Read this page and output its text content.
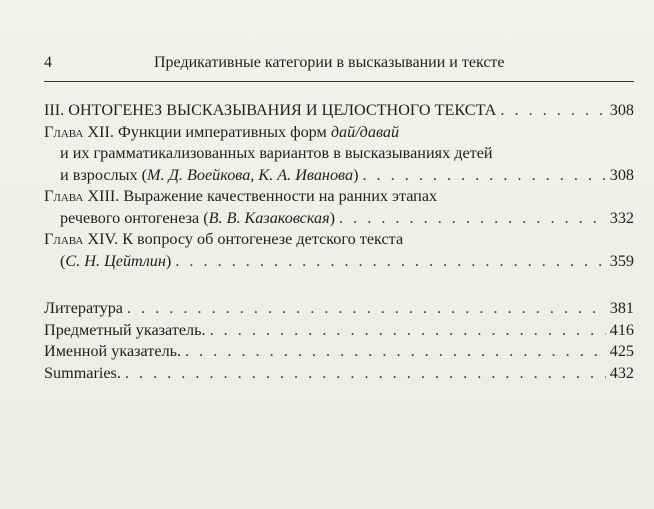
4	Предикативные категории в высказывании и тексте
III. ОНТОГЕНЕЗ ВЫСКАЗЫВАНИЯ И ЦЕЛОСТНОГО ТЕКСТА . . .	308
Глава XII. Функции императивных форм дай/давай
и их грамматикализованных вариантов в высказываниях детей
и взрослых (М. Д. Воейкова, К. А. Иванова) . . .	308
Глава XIII. Выражение качественности на ранних этапах
речевого онтогенеза (В. В. Казаковская) . . .	332
Глава XIV. К вопросу об онтогенезе детского текста
(С. Н. Цейтлин) . . .	359
Литература . . .	381
Предметный указатель. . . .	416
Именной указатель. . . .	425
Summaries. . . .	432
